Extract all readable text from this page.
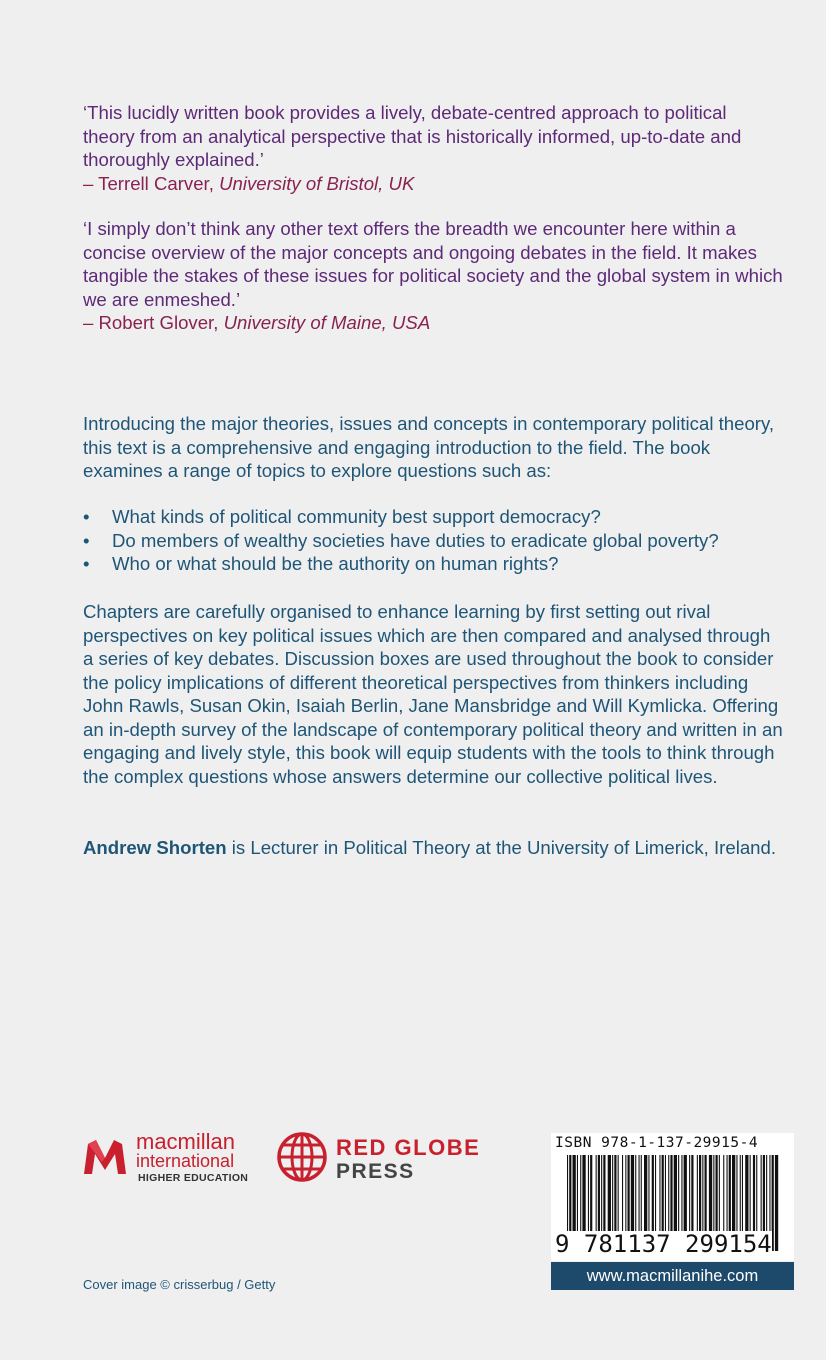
‘This lucidly written book provides a lively, debate-centred approach to political theory from an analytical perspective that is historically informed, up-to-date and thoroughly explained.’

– Terrell Carver, University of Bristol, UK

‘I simply don’t think any other text offers the breadth we encounter here within a concise overview of the major concepts and ongoing debates in the field. It makes tangible the stakes of these issues for political society and the global system in which we are enmeshed.’

– Robert Glover, University of Maine, USA

Introducing the major theories, issues and concepts in contemporary political theory, this text is a comprehensive and engaging introduction to the field. The book examines a range of topics to explore questions such as:

• What kinds of political community best support democracy?
• Do members of wealthy societies have duties to eradicate global poverty?
• Who or what should be the authority on human rights?

Chapters are carefully organised to enhance learning by first setting out rival perspectives on key political issues which are then compared and analysed through a series of key debates. Discussion boxes are used throughout the book to consider the policy implications of different theoretical perspectives from thinkers including John Rawls, Susan Okin, Isaiah Berlin, Jane Mansbridge and Will Kymlicka. Offering an in-depth survey of the landscape of contemporary political theory and written in an engaging and lively style, this book will equip students with the tools to think through the complex questions whose answers determine our collective political lives.

Andrew Shorten is Lecturer in Political Theory at the University of Limerick, Ireland.

macmillan
international
HIGHER EDUCATION
RED GLOBE
PRESS
ISBN 978-1-137-29915-4
9 781137 299154
www.macmillanihe.com
Cover image © crisserbug / Getty
